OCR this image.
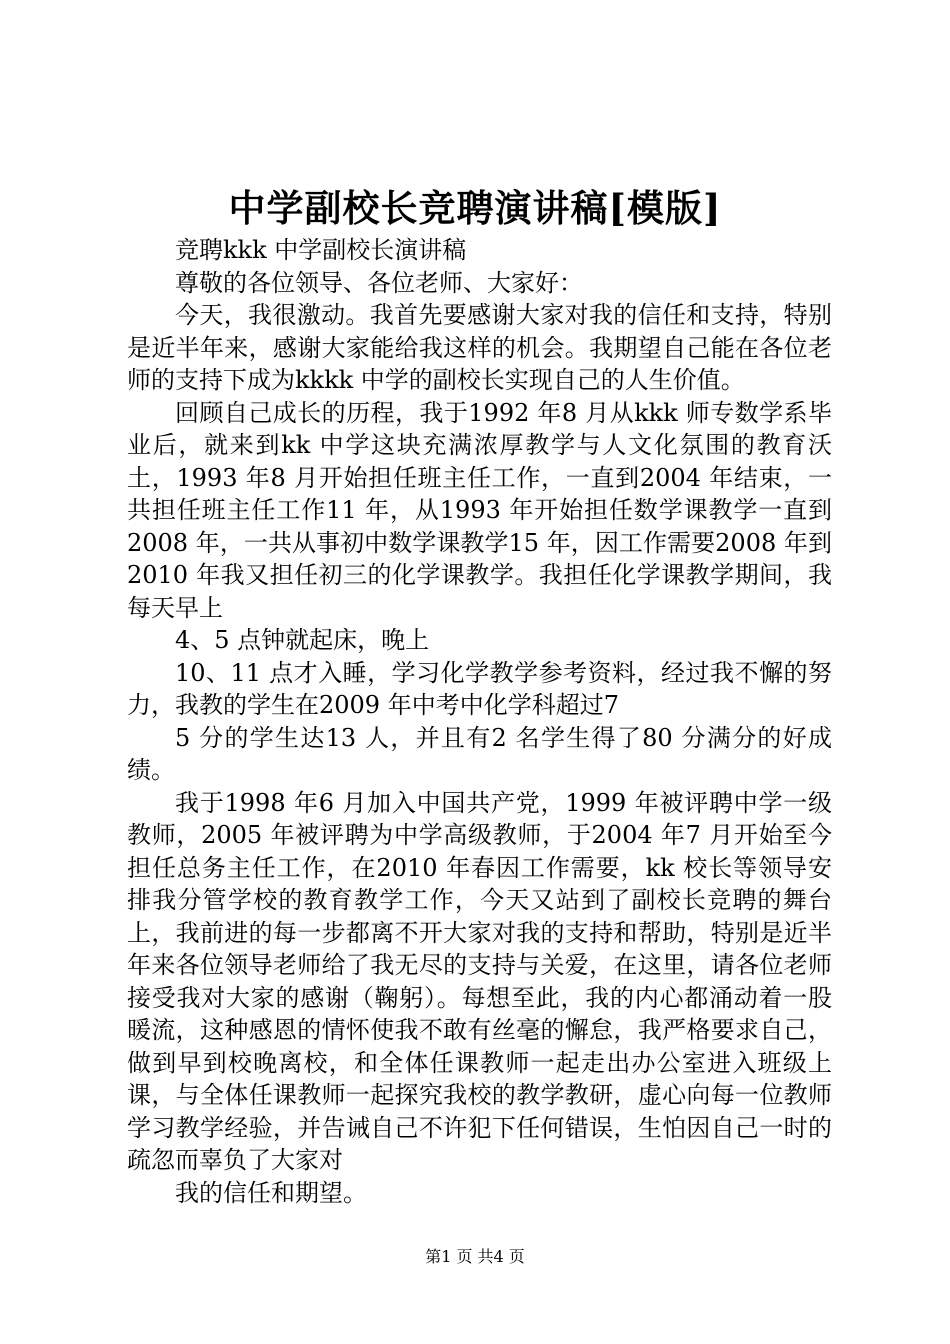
中学副校长竞聘演讲稿[模版]

竞聘kkk 中学副校长演讲稿

尊敬的各位领导、各位老师、大家好：

今天，我很激动。我首先要感谢大家对我的信任和支持，特别是近半年来，感谢大家能给我这样的机会。我期望自己能在各位老师的支持下成为kkkk 中学的副校长实现自己的人生价值。

回顾自己成长的历程，我于1992 年8 月从kkk 师专数学系毕业后，就来到kk 中学这块充满浓厚教学与人文化氛围的教育沃土，1993 年8 月开始担任班主任工作，一直到2004 年结束，一共担任班主任工作11 年，从1993 年开始担任数学课教学一直到2008 年，一共从事初中数学课教学15 年，因工作需要2008 年到2010 年我又担任初三的化学课教学。我担任化学课教学期间，我每天早上

4、5 点钟就起床，晚上

10、11 点才入睡，学习化学教学参考资料，经过我不懈的努力，我教的学生在2009 年中考中化学科超过7

5 分的学生达13 人，并且有2 名学生得了80 分满分的好成绩。

我于1998 年6 月加入中国共产党，1999 年被评聘中学一级教师，2005 年被评聘为中学高级教师，于2004 年7 月开始至今担任总务主任工作，在2010 年春因工作需要，kk 校长等领导安排我分管学校的教育教学工作，今天又站到了副校长竞聘的舞台上，我前进的每一步都离不开大家对我的支持和帮助，特别是近半年来各位领导老师给了我无尽的支持与关爱，在这里，请各位老师接受我对大家的感谢（鞠躬）。每想至此，我的内心都涌动着一股暖流，这种感恩的情怀使我不敢有丝毫的懈怠，我严格要求自己，做到早到校晚离校，和全体任课教师一起走出办公室进入班级上课，与全体任课教师一起探究我校的教学教研，虚心向每一位教师学习教学经验，并告诫自己不许犯下任何错误，生怕因自己一时的疏忽而辜负了大家对

我的信任和期望。

第1 页 共4 页
